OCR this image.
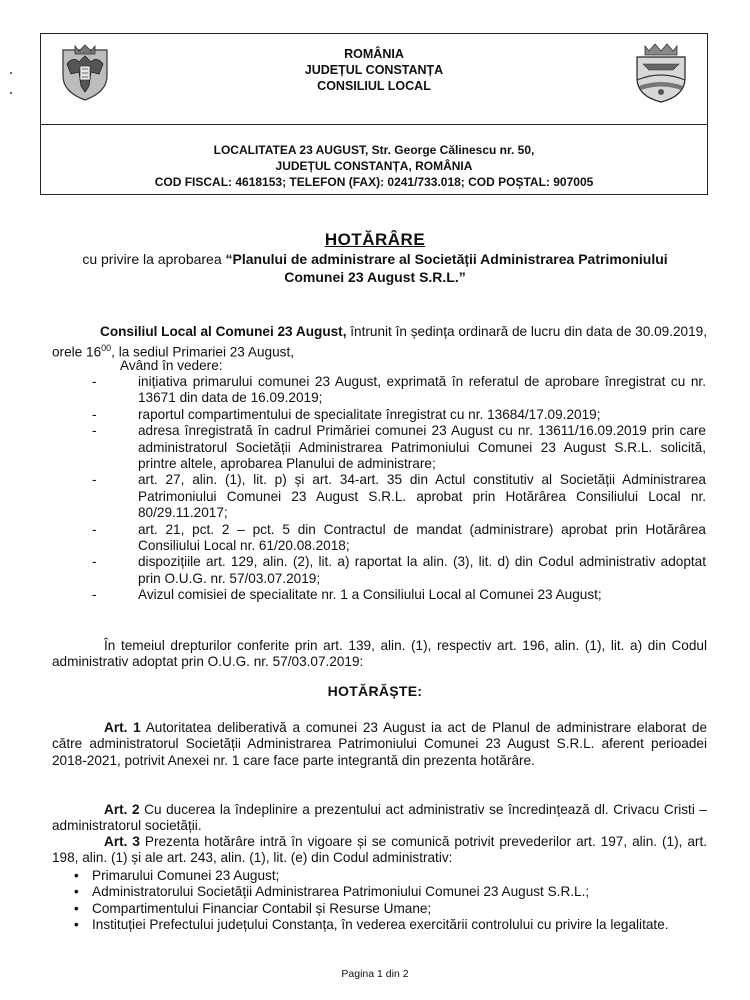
ROMÂNIA
JUDEȚUL CONSTANȚA
CONSILIUL LOCAL
LOCALITATEA 23 AUGUST, Str. George Călinescu nr. 50,
JUDEȚUL CONSTANȚA, ROMÂNIA
COD FISCAL: 4618153; TELEFON (FAX): 0241/733.018; COD POȘTAL: 907005
HOTĂRÂRE
cu privire la aprobarea “Planului de administrare al Societății Administrarea Patrimoniului Comunei 23 August S.R.L.”
Consiliul Local al Comunei 23 August, întrunit în ședința ordinară de lucru din data de 30.09.2019, orele $16^{00}$, la sediul Primariei 23 August,
Având în vedere:
-	inițiativa primarului comunei 23 August, exprimată în referatul de aprobare înregistrat cu nr. 13671 din data de 16.09.2019;
-	raportul compartimentului de specialitate înregistrat cu nr. 13684/17.09.2019;
-	adresa înregistrată în cadrul Primăriei comunei 23 August cu nr. 13611/16.09.2019 prin care administratorul Societății Administrarea Patrimoniului Comunei 23 August S.R.L. solicită, printre altele, aprobarea Planului de administrare;
-	art. 27, alin. (1), lit. p) și art. 34-art. 35 din Actul constitutiv al Societății Administrarea Patrimoniului Comunei 23 August S.R.L. aprobat prin Hotărârea Consiliului Local nr. 80/29.11.2017;
-	art. 21, pct. 2 – pct. 5 din Contractul de mandat (administrare) aprobat prin Hotărârea Consiliului Local nr. 61/20.08.2018;
-	dispozițiile art. 129, alin. (2), lit. a) raportat la alin. (3), lit. d) din Codul administrativ adoptat prin O.U.G. nr. 57/03.07.2019;
-	Avizul comisiei de specialitate nr. 1 a Consiliului Local al Comunei 23 August;
În temeiul drepturilor conferite prin art. 139, alin. (1), respectiv art. 196, alin. (1), lit. a) din Codul administrativ adoptat prin O.U.G. nr. 57/03.07.2019:
HOTĂRĂȘTE:
Art. 1 Autoritatea deliberativă a comunei 23 August ia act de Planul de administrare elaborat de către administratorul Societății Administrarea Patrimoniului Comunei 23 August S.R.L. aferent perioadei 2018-2021, potrivit Anexei nr. 1 care face parte integrantă din prezenta hotărâre.
Art. 2 Cu ducerea la îndeplinire a prezentului act administrativ se încredințează dl. Crivacu Cristi – administratorul societății.
Art. 3 Prezenta hotărâre intră în vigoare și se comunică potrivit prevederilor art. 197, alin. (1), art. 198, alin. (1) și ale art. 243, alin. (1), lit. (e) din Codul administrativ:
• Primarului Comunei 23 August;
• Administratorului Societății Administrarea Patrimoniului Comunei 23 August S.R.L.;
• Compartimentului Financiar Contabil și Resurse Umane;
• Instituției Prefectului județului Constanța, în vederea exercitării controlului cu privire la legalitate.
Pagina 1 din 2
